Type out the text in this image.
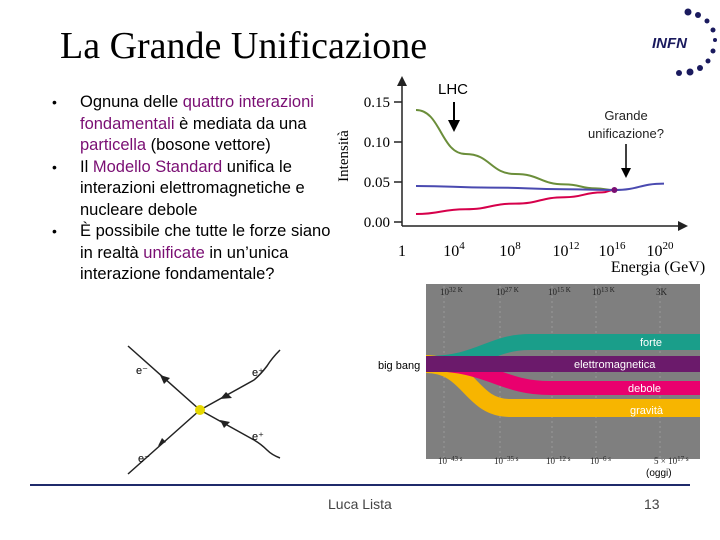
La Grande Unificazione	INFN
• Ognuna delle quattro interazioni fondamentali è mediata da una particella (bosone vettore)
• Il Modello Standard unifica le interazioni elettromagnetiche e nucleare debole
• È possibile che tutte le forze siano in realtà unificate in un’unica interazione fondamentale?
Intensità
0.00
0.05
0.10
0.15
1 $10^4$ $10^8$ $10^{12}$ $10^{16}$ $10^{20}$
Energia (GeV)
LHC
Grande
unificazione?
e⁻	e⁺
e⁻
e⁺
$10^{32 K}$	$10^{27 K}$	$10^{15 K}$ $10^{13 K}$	3K
$10^{-43 s}$	$10^{-35 s}$	$10^{-12 s}$ $10^{-6 s}$	$5 \times 10^{17 s}$
big bang
forte
elettromagnetica
debole
gravità
(oggi)
Luca Lista	13
